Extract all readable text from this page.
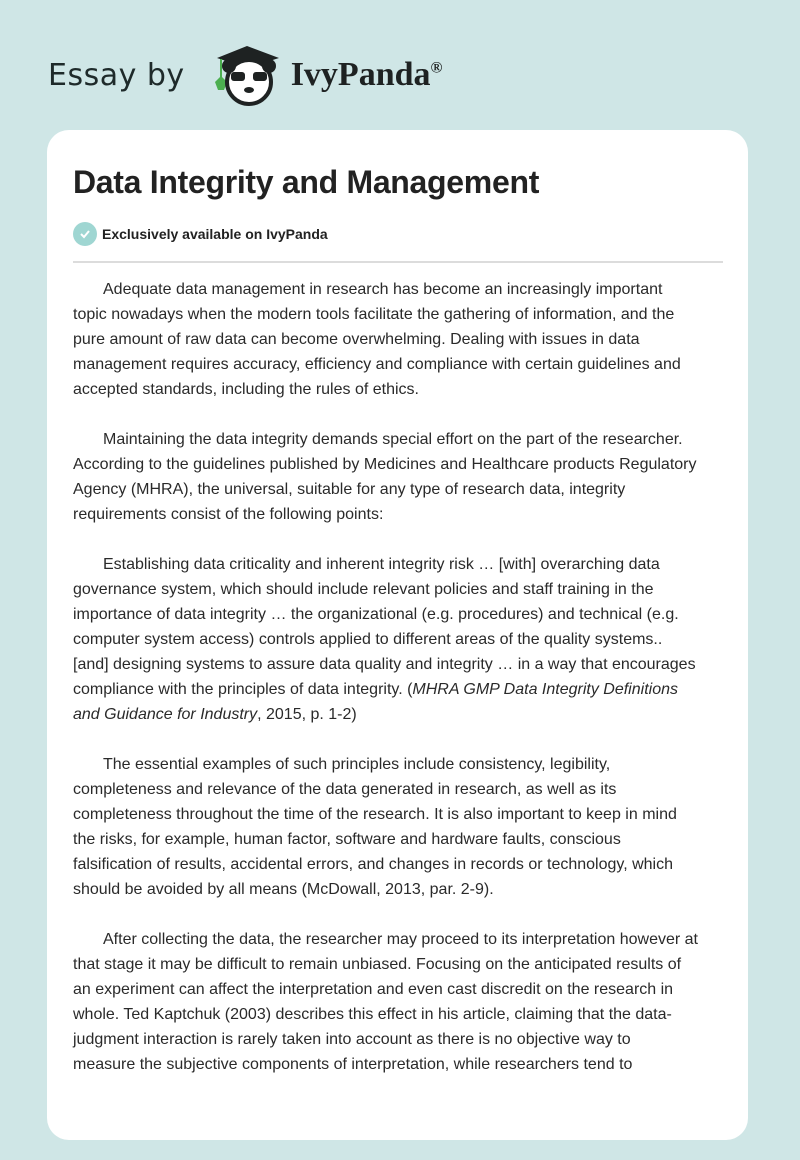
Essay by	IvyPanda®
Data Integrity and Management
Exclusively available on IvyPanda

Adequate data management in research has become an increasingly important
topic nowadays when the modern tools facilitate the gathering of information, and the
pure amount of raw data can become overwhelming. Dealing with issues in data
management requires accuracy, efficiency and compliance with certain guidelines and
accepted standards, including the rules of ethics.

Maintaining the data integrity demands special effort on the part of the researcher.
According to the guidelines published by Medicines and Healthcare products Regulatory
Agency (MHRA), the universal, suitable for any type of research data, integrity
requirements consist of the following points:

Establishing data criticality and inherent integrity risk … [with] overarching data
governance system, which should include relevant policies and staff training in the
importance of data integrity … the organizational (e.g. procedures) and technical (e.g.
computer system access) controls applied to different areas of the quality systems..
[and] designing systems to assure data quality and integrity … in a way that encourages
compliance with the principles of data integrity. (MHRA GMP Data Integrity Definitions
and Guidance for Industry, 2015, p. 1-2)

The essential examples of such principles include consistency, legibility,
completeness and relevance of the data generated in research, as well as its
completeness throughout the time of the research. It is also important to keep in mind
the risks, for example, human factor, software and hardware faults, conscious
falsification of results, accidental errors, and changes in records or technology, which
should be avoided by all means (McDowall, 2013, par. 2-9).

After collecting the data, the researcher may proceed to its interpretation however at
that stage it may be difficult to remain unbiased. Focusing on the anticipated results of
an experiment can affect the interpretation and even cast discredit on the research in
whole. Ted Kaptchuk (2003) describes this effect in his article, claiming that the data-
judgment interaction is rarely taken into account as there is no objective way to
measure the subjective components of interpretation, while researchers tend to
